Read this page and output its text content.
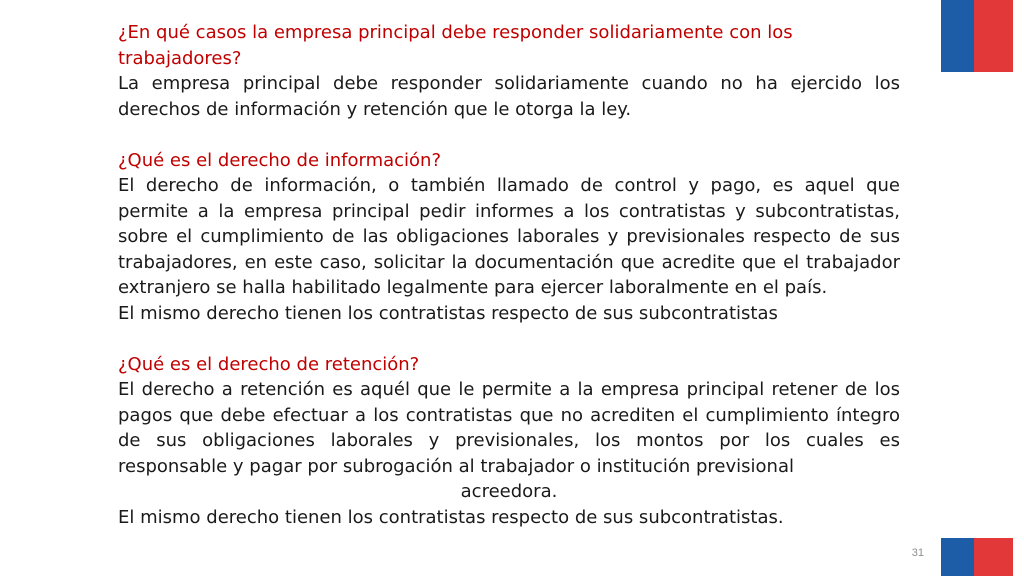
¿En qué casos la empresa principal debe responder solidariamente con los trabajadores?

La empresa principal debe responder solidariamente cuando no ha ejercido los derechos de información y retención que le otorga la ley.

¿Qué es el derecho de información?

El derecho de información, o también llamado de control y pago, es aquel que permite a la empresa principal pedir informes a los contratistas y subcontratistas, sobre el cumplimiento de las obligaciones laborales y previsionales respecto de sus trabajadores, en este caso, solicitar la documentación que acredite que el trabajador extranjero se halla habilitado legalmente para ejercer laboralmente en el país.

El mismo derecho tienen los contratistas respecto de sus subcontratistas

¿Qué es el derecho de retención?

El derecho a retención es aquél que le permite a la empresa principal retener de los pagos que debe efectuar a los contratistas que no acrediten el cumplimiento íntegro de sus obligaciones laborales y previsionales, los montos por los cuales es responsable y pagar por subrogación al trabajador o institución previsional

acreedora.

El mismo derecho tienen los contratistas respecto de sus subcontratistas.

31
